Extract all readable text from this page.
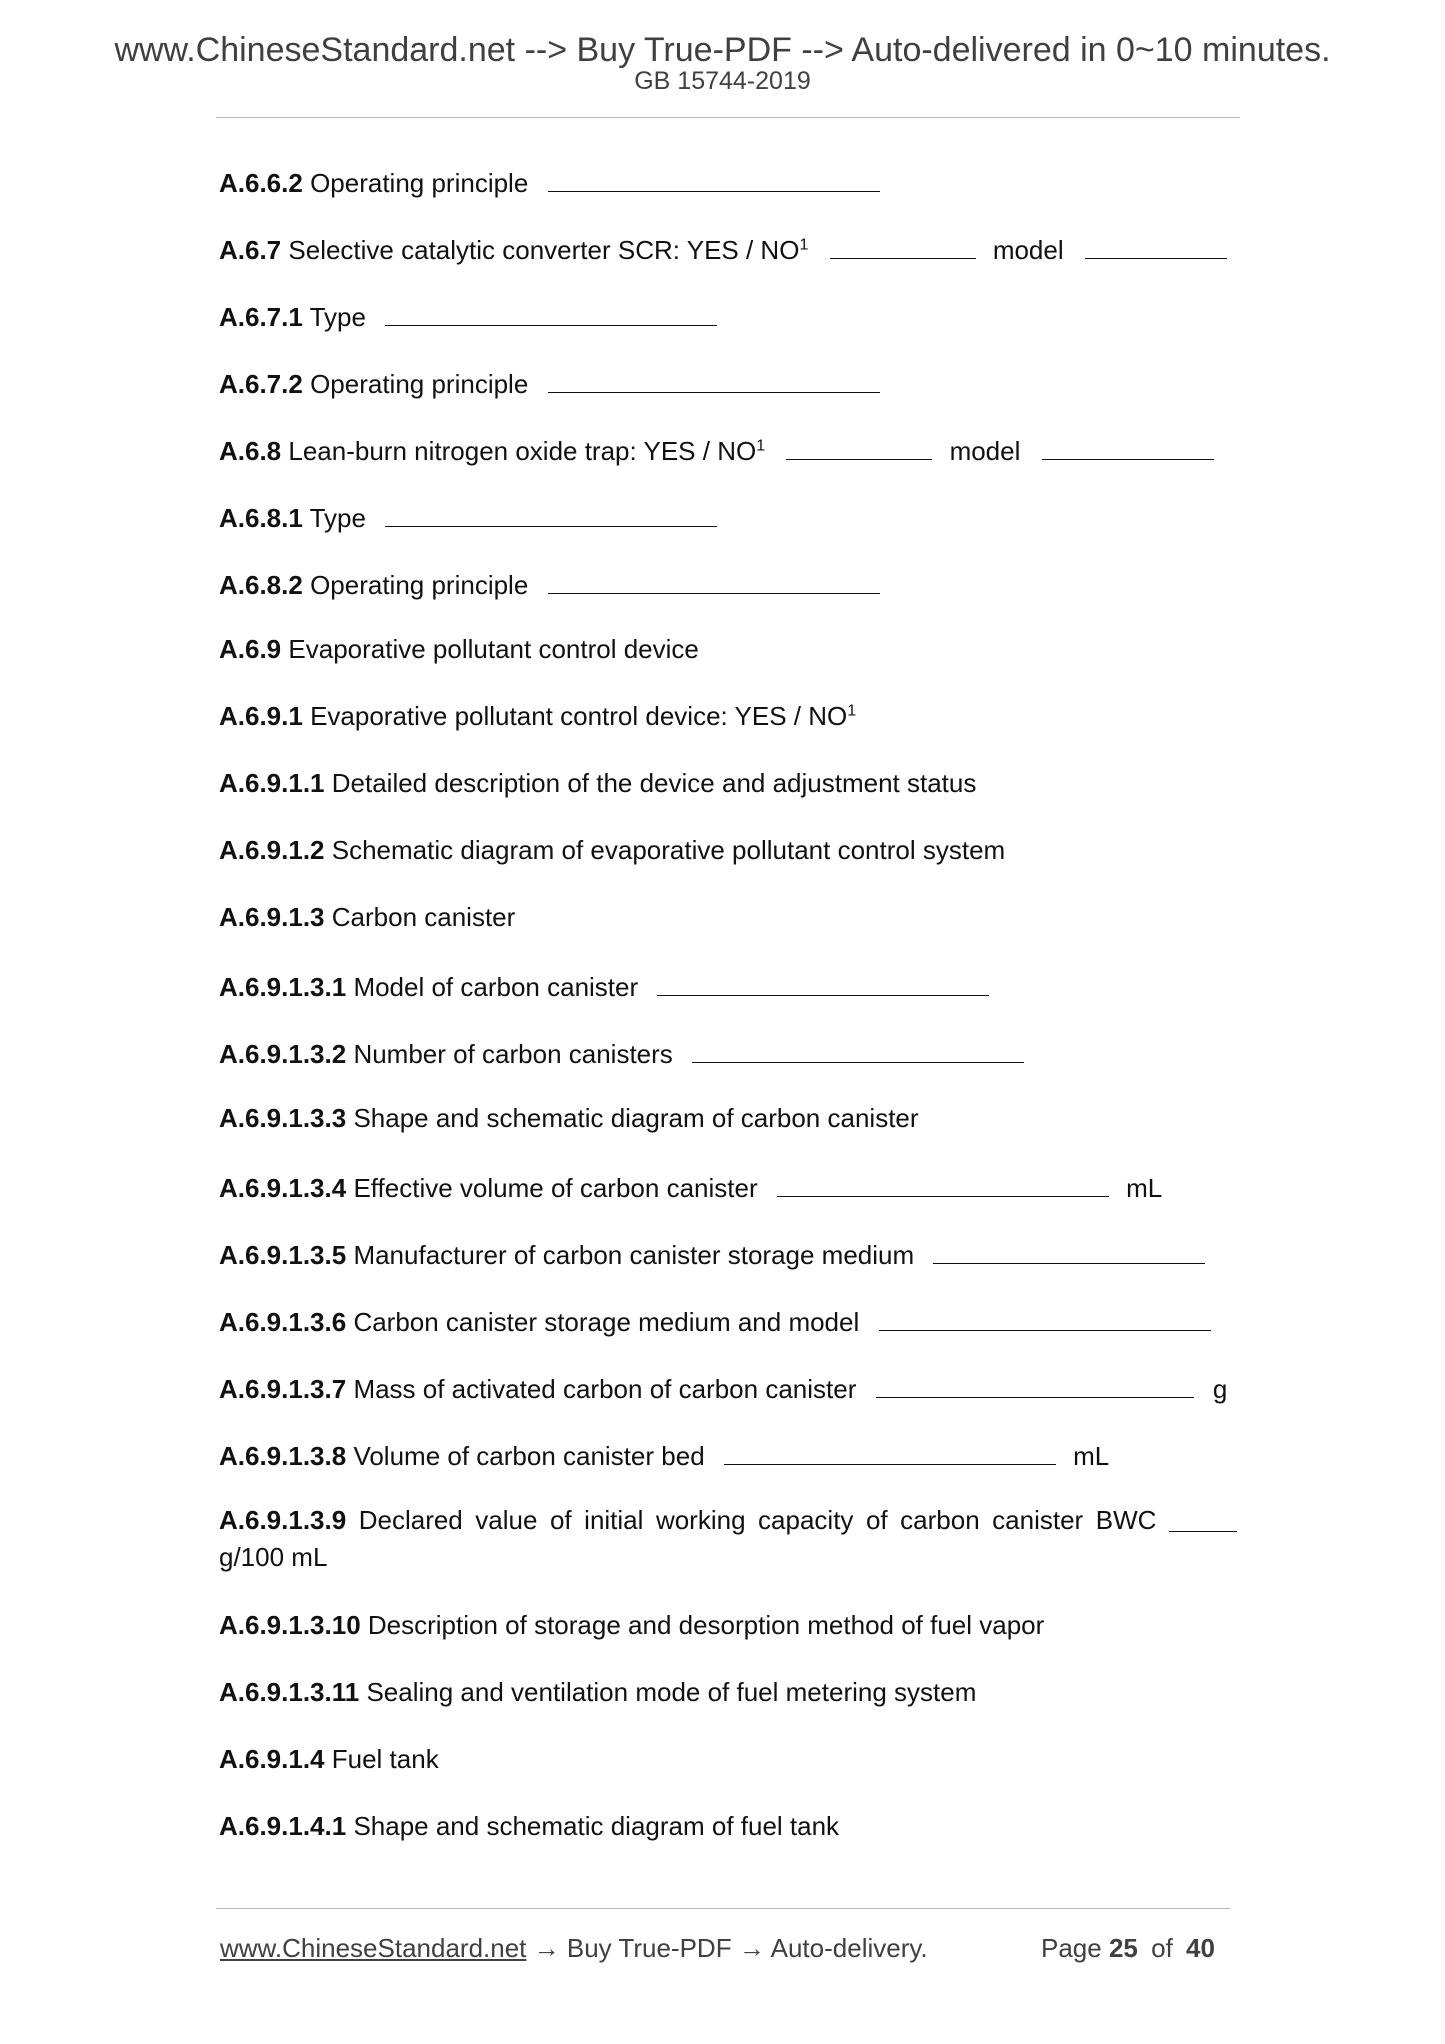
www.ChineseStandard.net --> Buy True-PDF --> Auto-delivered in 0~10 minutes.
GB 15744-2019
A.6.6.2 Operating principle
A.6.7 Selective catalytic converter SCR: YES / $NO^1$	model
A.6.7.1 Type
A.6.7.2 Operating principle
A.6.8 Lean-burn nitrogen oxide trap: YES / $NO^1$	model
A.6.8.1 Type
A.6.8.2 Operating principle
A.6.9 Evaporative pollutant control device
A.6.9.1 Evaporative pollutant control device: YES / $NO^1$
A.6.9.1.1 Detailed description of the device and adjustment status
A.6.9.1.2 Schematic diagram of evaporative pollutant control system
A.6.9.1.3 Carbon canister
A.6.9.1.3.1 Model of carbon canister
A.6.9.1.3.2 Number of carbon canisters
A.6.9.1.3.3 Shape and schematic diagram of carbon canister
A.6.9.1.3.4 Effective volume of carbon canister	mL
A.6.9.1.3.5 Manufacturer of carbon canister storage medium
A.6.9.1.3.6 Carbon canister storage medium and model
A.6.9.1.3.7 Mass of activated carbon of carbon canister	g
A.6.9.1.3.8 Volume of carbon canister bed	mL
A.6.9.1.3.9 Declared value of initial working capacity of carbon canister BWC
g/100 mL
A.6.9.1.3.10 Description of storage and desorption method of fuel vapor
A.6.9.1.3.11 Sealing and ventilation mode of fuel metering system
A.6.9.1.4 Fuel tank
A.6.9.1.4.1 Shape and schematic diagram of fuel tank
www.ChineseStandard.net → Buy True-PDF → Auto-delivery.	Page 25 of 40
